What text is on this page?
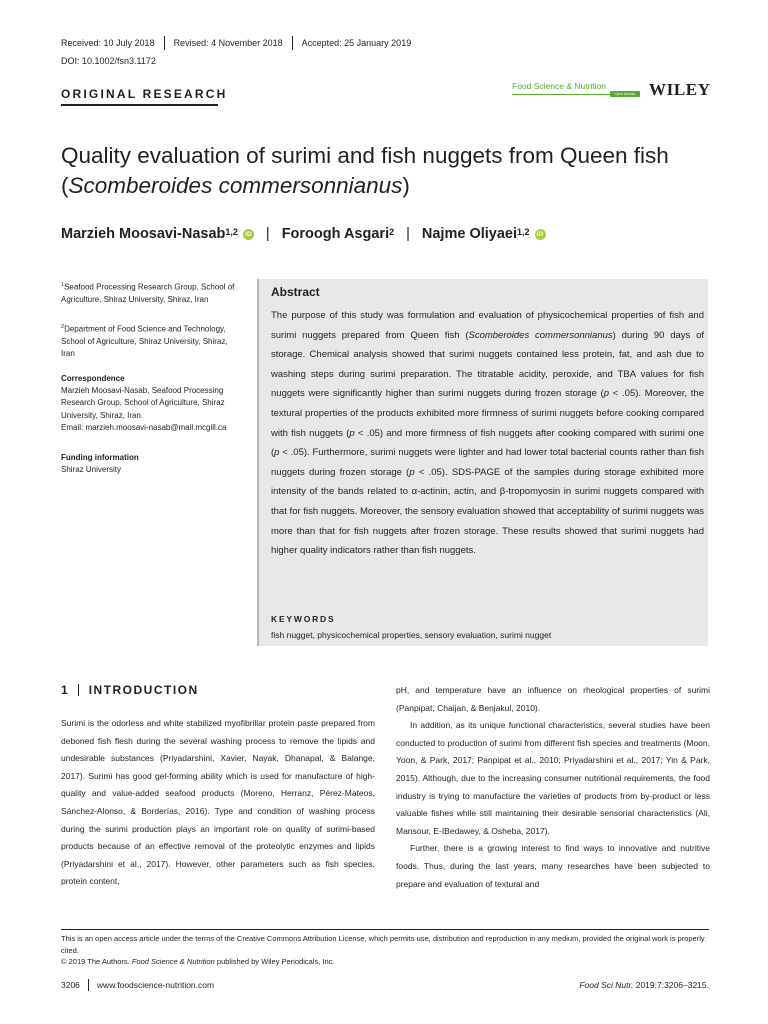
Received: 10 July 2018 Revised: 4 November 2018 Accepted: 25 January 2019
DOI: 10.1002/fsn3.1172
ORIGINAL RESEARCH
Food Science & Nutrition
Open Access WILEY
Quality evaluation of surimi and fish nuggets from Queen fish
(Scomberoides commersonnianus)
Marzieh Moosavi-Nasab$^{1,2}$	iD | Foroogh Asgari$^2$ | Najme Oliyaei$^{1,2}$	iD
$^1$Seafood Processing Research Group, School of Agriculture, Shiraz University, Shiraz, Iran
$^2$Department of Food Science and Technology, School of Agriculture, Shiraz University, Shiraz, Iran
Correspondence
Marzieh Moosavi-Nasab, Seafood Processing Research Group, School of Agriculture, Shiraz University, Shiraz, Iran.
Email: marzieh.moosavi-nasab@mail.mcgill.ca
Funding information
Shiraz University
Abstract
The purpose of this study was formulation and evaluation of physicochemical properties of fish and surimi nuggets prepared from Queen fish (Scomberoides commersonnianus) during 90 days of storage. Chemical analysis showed that surimi nuggets contained less protein, fat, and ash due to washing steps during surimi preparation. The titratable acidity, peroxide, and TBA values for fish nuggets were significantly higher than surimi nuggets during frozen storage (p < .05). Moreover, the textural properties of the products exhibited more firmness of surimi nuggets before cooking compared with fish nuggets (p < .05) and more firmness of fish nuggets after cooking compared with surimi one (p < .05). Furthermore, surimi nuggets were lighter and had lower total bacterial counts rather than fish nuggets during frozen storage (p < .05). SDS-PAGE of the samples during storage exhibited more intensity of the bands related to α-actinin, actin, and β-tropomyosin in surimi nuggets compared with that for fish nuggets. Moreover, the sensory evaluation showed that acceptability of surimi nuggets was more than that for fish nuggets after frozen storage. These results showed that surimi nuggets had higher quality indicators rather than fish nuggets.
KEYWORDS
fish nugget, physicochemical properties, sensory evaluation, surimi nugget
1 INTRODUCTION

Surimi is the odorless and white stabilized myofibrillar protein paste prepared from deboned fish flesh during the several washing process to remove the lipids and undesirable substances (Priyadarshini, Xavier, Nayak, Dhanapal, & Balange, 2017). Surimi has good gel-forming ability which is used for manufacture of high-quality and value-added seafood products (Moreno, Herranz, Pérez-Mateos, Sánchez-Alonso, & Borderías, 2016). Type and condition of washing process during the surimi production plays an important role on quality of surimi-based products because of an effective removal of the proteolytic enzymes and lipids (Priyadarshini et al., 2017). However, other parameters such as fish species, protein content,

pH, and temperature have an influence on rheological properties of surimi (Panpipat, Chaijan, & Benjakul, 2010).

In addition, as its unique functional characteristics, several studies have been conducted to production of surimi from different fish species and treatments (Moon, Yoon, & Park, 2017; Panpipat et al., 2010; Priyadarshini et al., 2017; Yin & Park, 2015). Although, due to the increasing consumer nutritional requirements, the food industry is trying to manufacture the varieties of products from by-product or less valuable fishes while still maintaining their desirable sensorial characteristics (Ali, Mansour, E-IBedawey, & Osheba, 2017).

Further, there is a growing interest to find ways to innovative and nutritive foods. Thus, during the last years, many researches have been subjected to prepare and evaluation of textural and

This is an open access article under the terms of the Creative Commons Attribution License, which permits use, distribution and reproduction in any medium, provided the original work is properly cited.
© 2019 The Authors. Food Science & Nutrition published by Wiley Periodicals, Inc.
3206 www.foodscience-nutrition.com	Food Sci Nutr. 2019;7:3206–3215.
